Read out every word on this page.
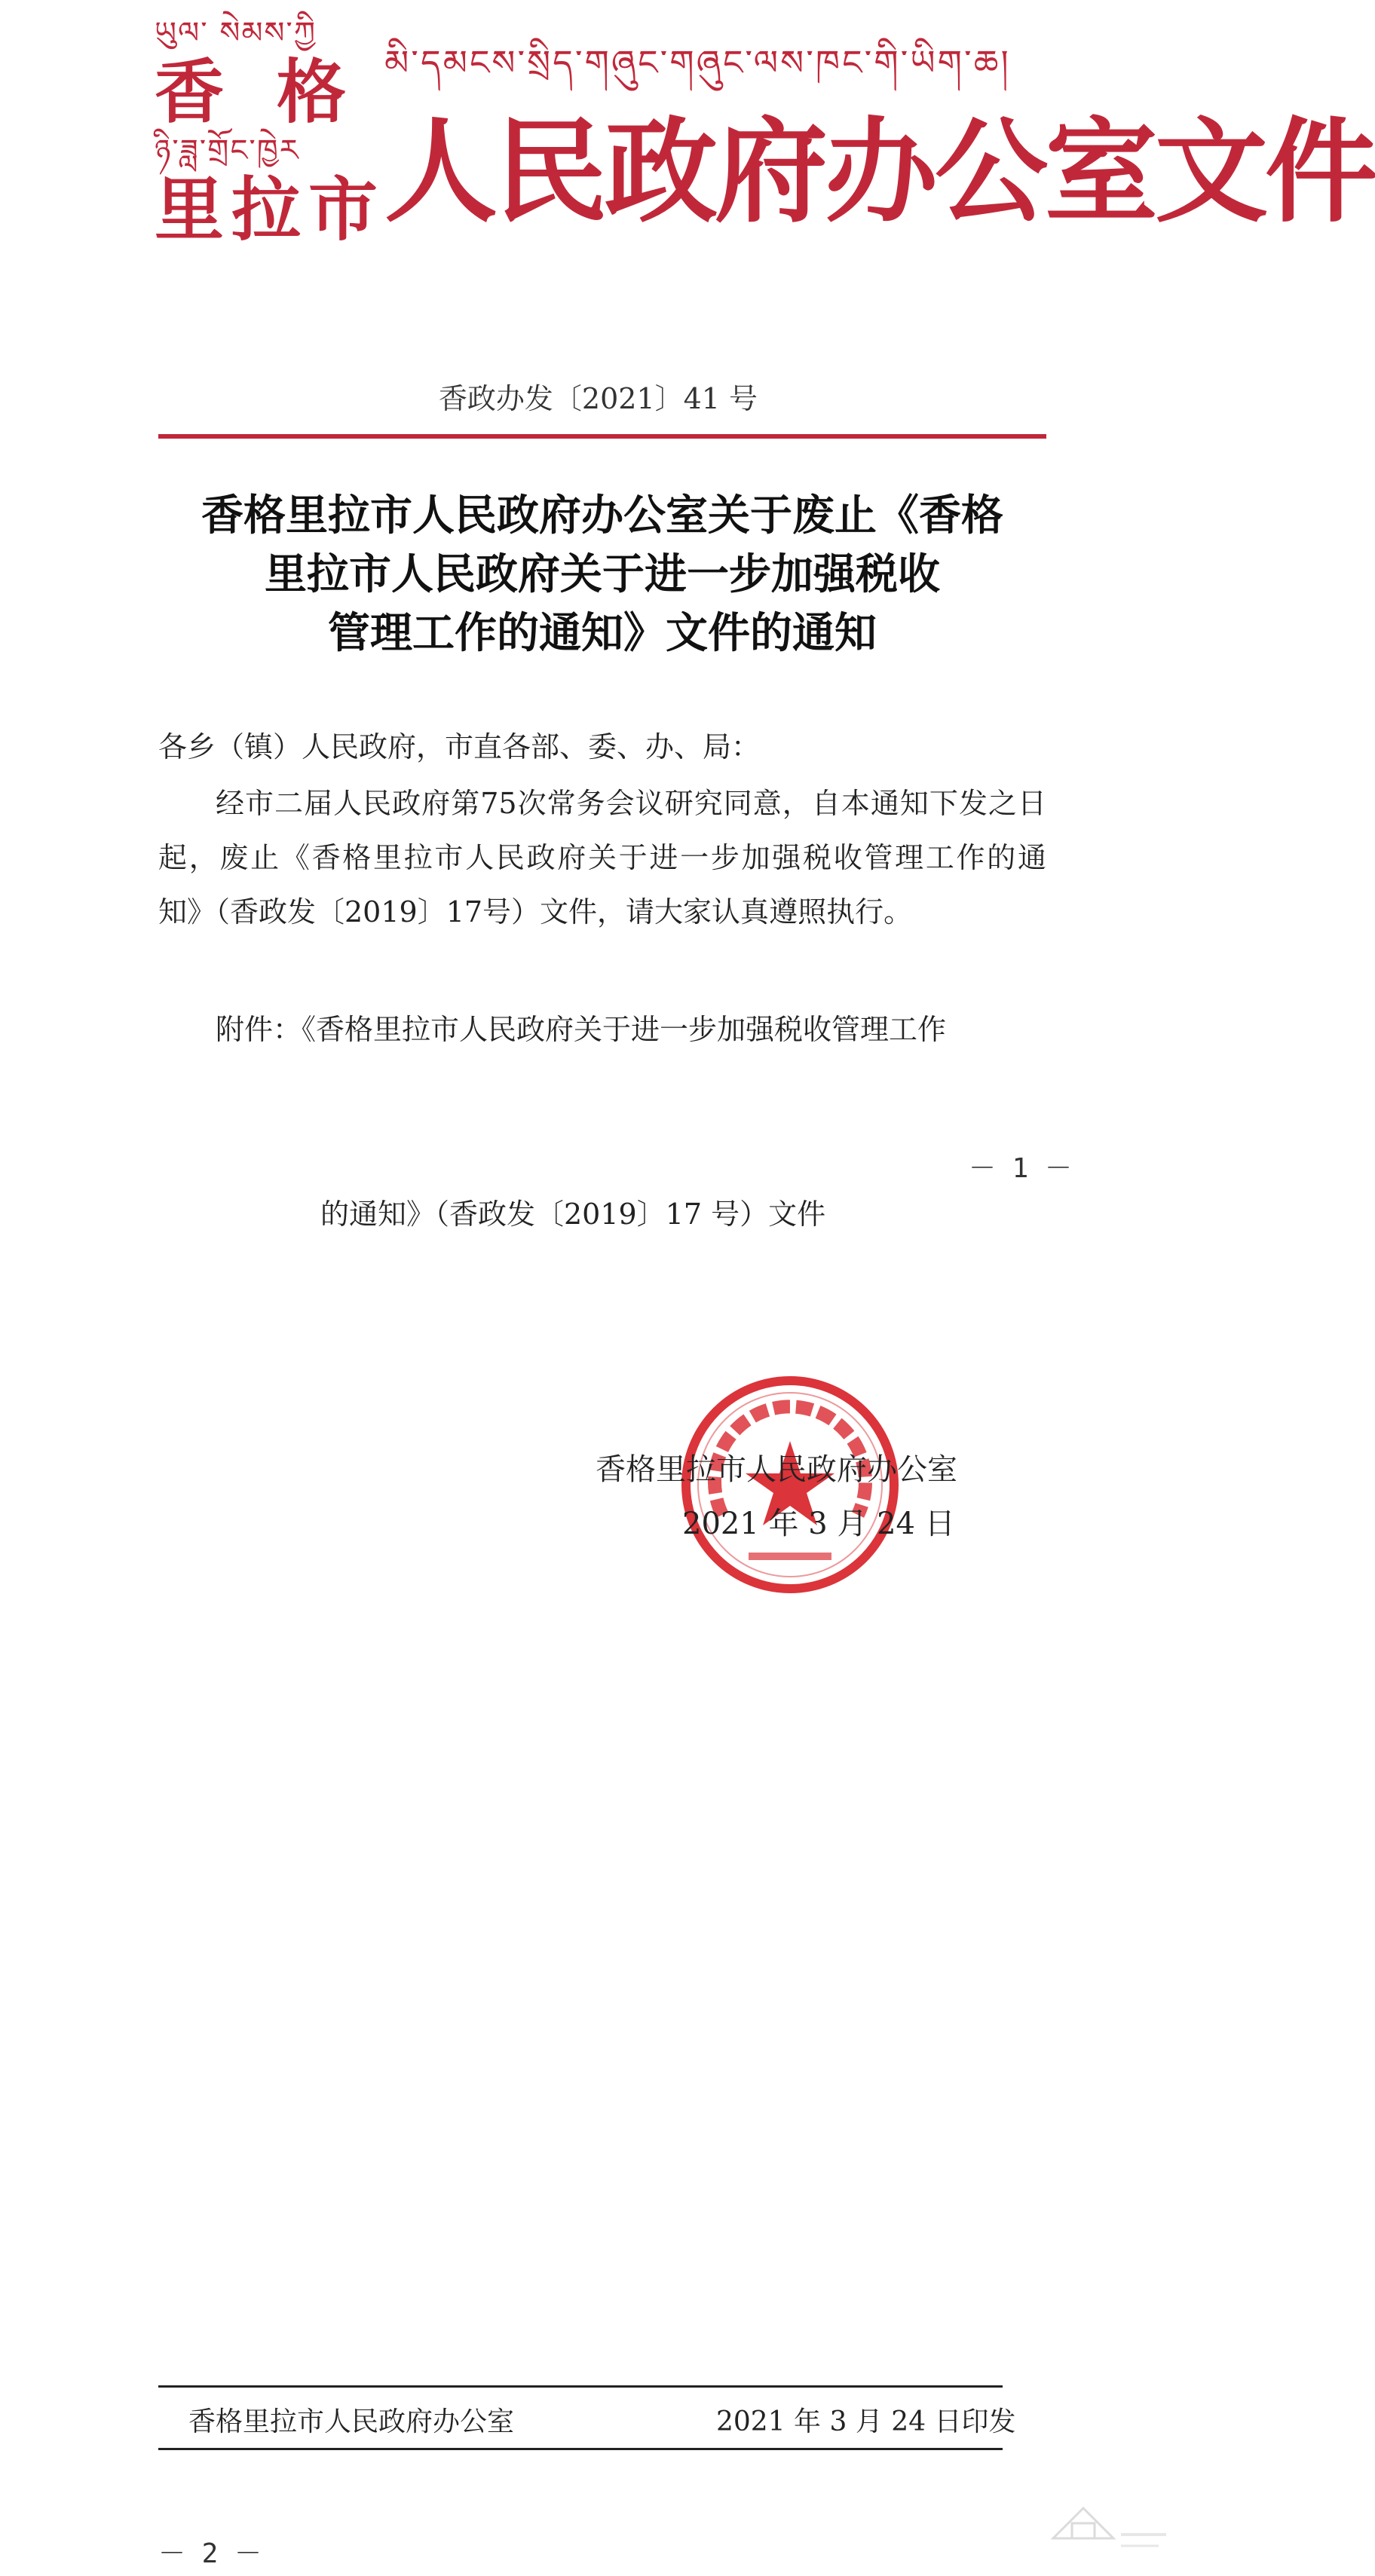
ཡུལ་ སེམས་ཀྱི
香格
ཉི་ཟླ་གྲོང་ཁྱེར
里拉市
མི་དམངས་སྲིད་གཞུང་གཞུང་ལས་ཁང་གི་ཡིག་ཆ།
人民政府办公室文件
香政办发〔2021〕41 号
香格里拉市人民政府办公室关于废止《香格
里拉市人民政府关于进一步加强税收
管理工作的通知》文件的通知
各乡（镇）人民政府，市直各部、委、办、局：
经市二届人民政府第75次常务会议研究同意，自本通知下发之日起，废止《香格里拉市人民政府关于进一步加强税收管理工作的通知》（香政发〔2019〕17号）文件，请大家认真遵照执行。
附件：《香格里拉市人民政府关于进一步加强税收管理工作
－ 1 －
的通知》（香政发〔2019〕17 号）文件
香格里拉市人民政府办公室
2021 年 3 月 24 日
香格里拉市人民政府办公室	2021 年 3 月 24 日印发
－ 2 －
